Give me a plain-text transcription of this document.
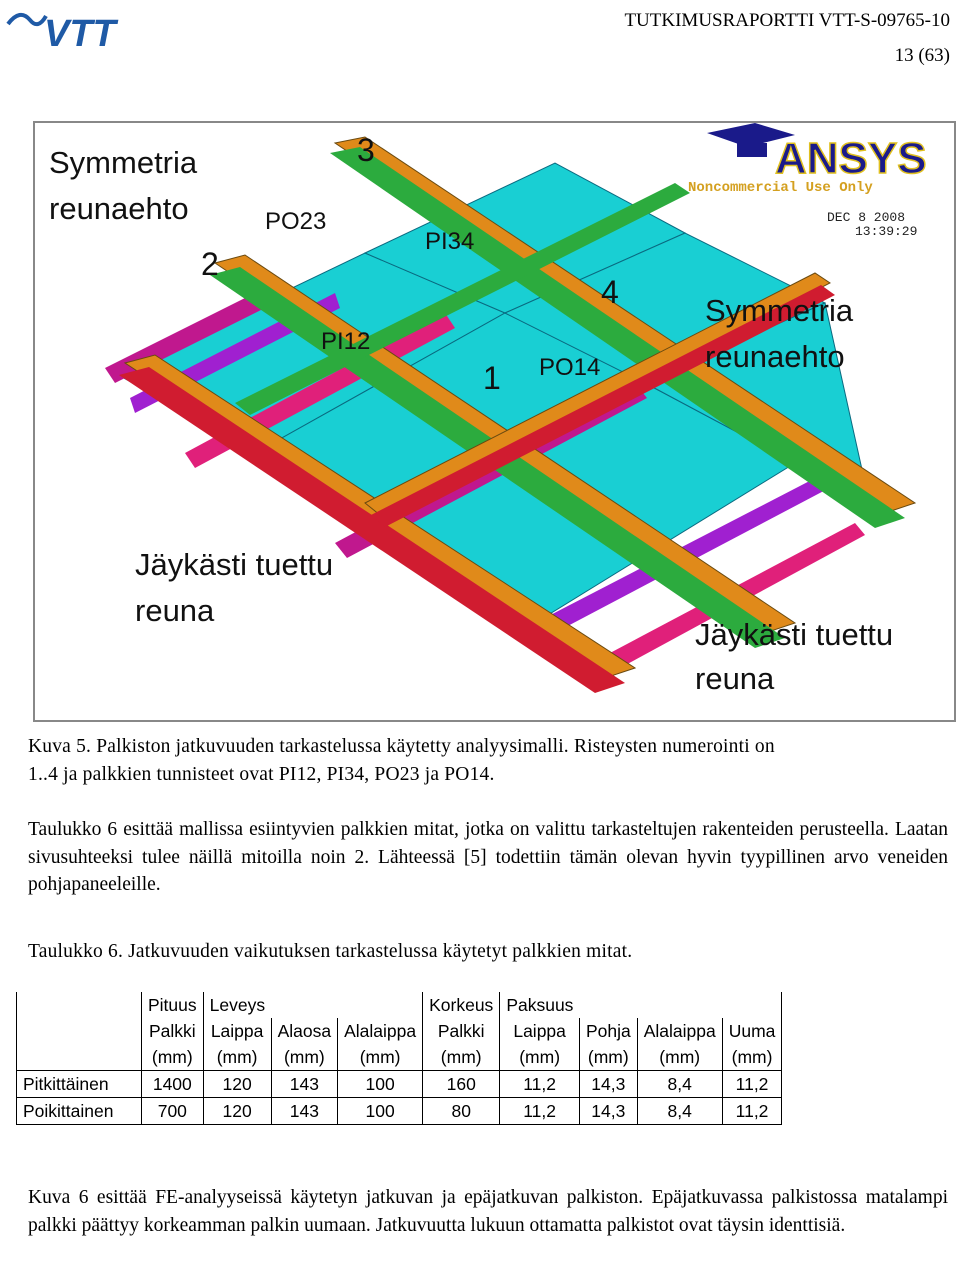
VTT	TUTKIMUSRAPORTTI VTT-S-09765-10
13 (63)
ANSYS
Noncommercial Use Only
DEC 8 2008
13:39:29
Symmetria
reunaehto
Symmetria
reunaehto
Jäykästi tuettu
reuna
Jäykästi tuettu
reuna
3
2
4
1
PO23
PI34
PI12
PO14
Kuva 5. Palkiston jatkuvuuden tarkastelussa käytetty analyysimalli. Risteysten numerointi on
1..4 ja palkkien tunnisteet ovat PI12, PI34, PO23 ja PO14.

Taulukko 6 esittää mallissa esiintyvien palkkien mitat, jotka on valittu tarkasteltujen rakenteiden perusteella. Laatan sivusuhteeksi tulee näillä mitoilla noin 2. Lähteessä [5] todettiin tämän olevan hyvin tyypillinen arvo veneiden pohjapaneeleille.

Taulukko 6. Jatkuvuuden vaikutuksen tarkastelussa käytetyt palkkien mitat.
	Pituus	Leveys			Korkeus	Paksuus			
	Palkki	Laippa	Alaosa	Alalaippa	Palkki	Laippa	Pohja	Alalaippa	Uuma
	(mm)	(mm)	(mm)	(mm)	(mm)	(mm)	(mm)	(mm)	(mm)
Pitkittäinen	1400	120	143	100	160	11,2	14,3	8,4	11,2
Poikittainen	700	120	143	100	80	11,2	14,3	8,4	11,2

Kuva 6 esittää FE-analyyseissä käytetyn jatkuvan ja epäjatkuvan palkiston. Epäjatkuvassa palkistossa matalampi palkki päättyy korkeamman palkin uumaan. Jatkuvuutta lukuun ottamatta palkistot ovat täysin identtisiä.
